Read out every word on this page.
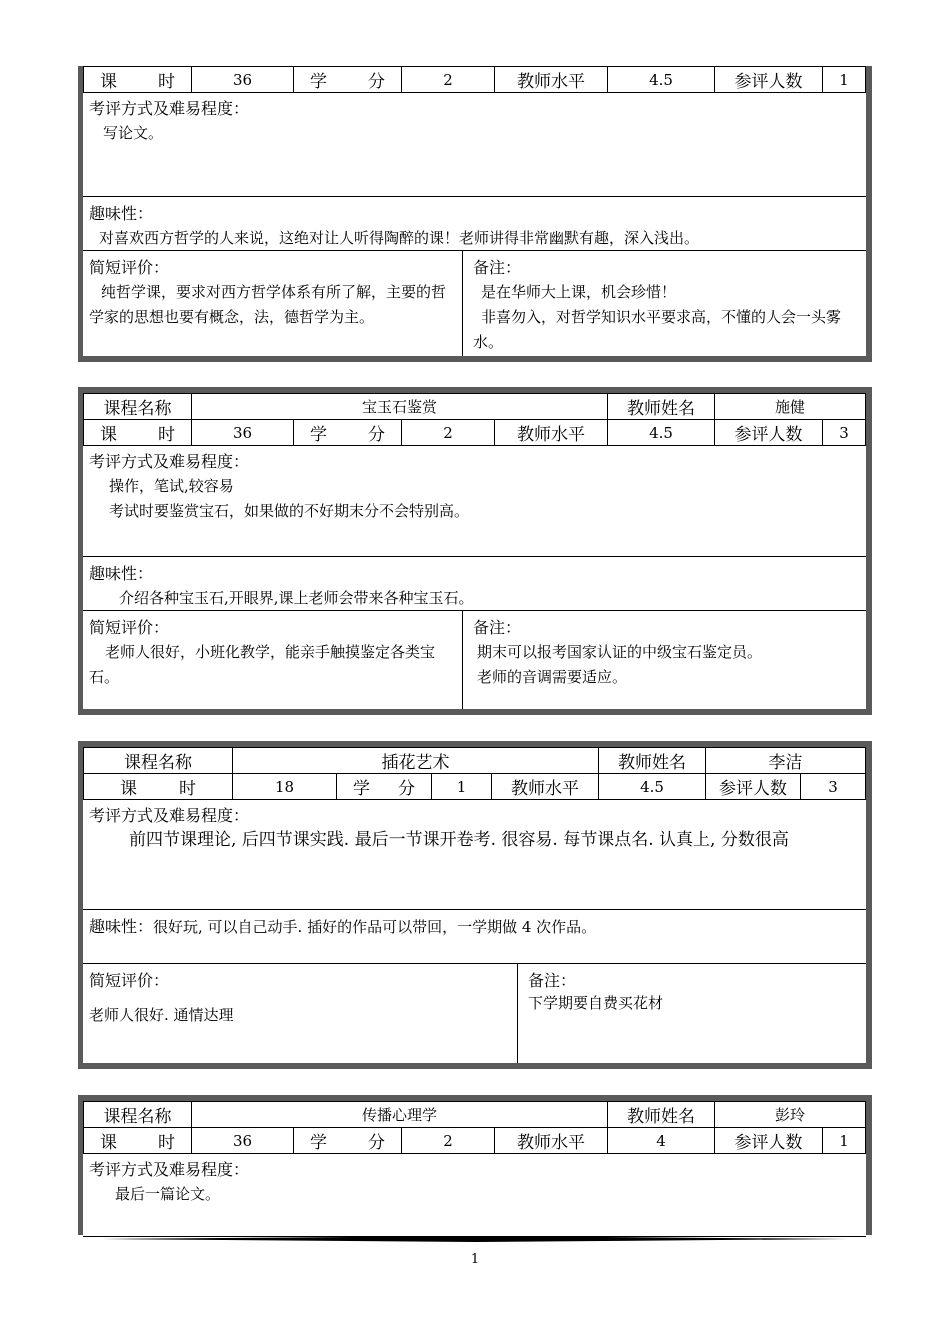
课 时	36	学 分	2	教师水平	4.5	参评人数	1
考评方式及难易程度：
写论文。
趣味性：
对喜欢西方哲学的人来说，这绝对让人听得陶醉的课！老师讲得非常幽默有趣，深入浅出。
简短评价：
纯哲学课，要求对西方哲学体系有所了解，主要的哲学家的思想也要有概念，法，德哲学为主。
备注：
是在华师大上课，机会珍惜！
非喜勿入，对哲学知识水平要求高，不懂的人会一头雾水。
课程名称	宝玉石鉴赏				教师姓名	施健	

课 时	36	学 分	2	教师水平	4.5	参评人数	3
考评方式及难易程度：
操作，笔试,较容易
考试时要鉴赏宝石，如果做的不好期末分不会特别高。
趣味性：
介绍各种宝玉石,开眼界,课上老师会带来各种宝玉石。
简短评价：
老师人很好，小班化教学，能亲手触摸鉴定各类宝石。
备注：
期末可以报考国家认证的中级宝石鉴定员。
老师的音调需要适应。
课程名称	插花艺术				教师姓名	李洁	

课 时	18	学 分	1	教师水平	4.5	参评人数	3
考评方式及难易程度：
前四节课理论, 后四节课实践. 最后一节课开卷考. 很容易. 每节课点名. 认真上, 分数很高
趣味性：很好玩, 可以自己动手. 插好的作品可以带回，一学期做 4 次作品。
简短评价：
老师人很好. 通情达理
备注：
下学期要自费买花材
课程名称	传播心理学				教师姓名	彭玲	

课 时	36	学 分	2	教师水平	4	参评人数	1
考评方式及难易程度：
最后一篇论文。
1
